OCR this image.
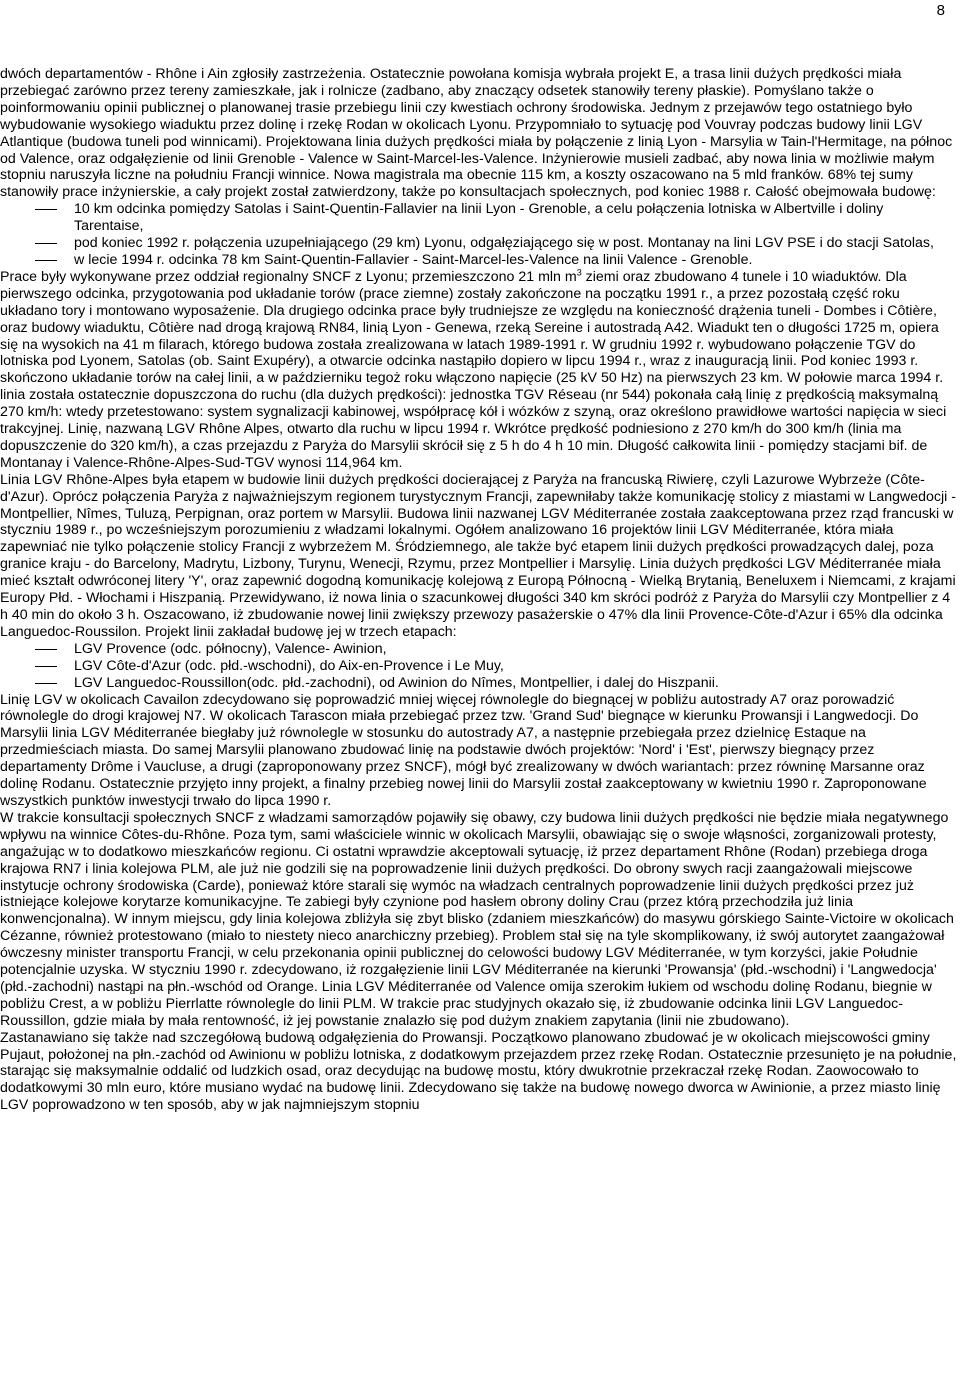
8

dwóch departamentów - Rhône i Ain zgłosiły zastrzeżenia. Ostatecznie powołana komisja wybrała projekt E, a trasa linii dużych prędkości miała przebiegać zarówno przez tereny zamieszkałe, jak i rolnicze (zadbano, aby znaczący odsetek stanowiły tereny płaskie). Pomyślano także o poinformowaniu opinii publicznej o planowanej trasie przebiegu linii czy kwestiach ochrony środowiska. Jednym z przejawów tego ostatniego było wybudowanie wysokiego wiaduktu przez dolinę i rzekę Rodan w okolicach Lyonu. Przypomniało to sytuację pod Vouvray podczas budowy linii LGV Atlantique (budowa tuneli pod winnicami). Projektowana linia dużych prędkości miała by połączenie z linią Lyon - Marsylia w Tain-l'Hermitage, na północ od Valence, oraz odgałęzienie od linii Grenoble - Valence w Saint-Marcel-les-Valence. Inżynierowie musieli zadbać, aby nowa linia w możliwie małym stopniu naruszyła liczne na południu Francji winnice. Nowa magistrala ma obecnie 115 km, a koszty oszacowano na 5 mld franków. 68% tej sumy stanowiły prace inżynierskie, a cały projekt został zatwierdzony, także po konsultacjach społecznych, pod koniec 1988 r. Całość obejmowała budowę:

10 km odcinka pomiędzy Satolas i Saint-Quentin-Fallavier na linii Lyon - Grenoble, a celu połączenia lotniska w Albertville i doliny Tarentaise,
pod koniec 1992 r. połączenia uzupełniającego (29 km) Lyonu, odgałęziającego się w post. Montanay na lini LGV PSE i do stacji Satolas,
w lecie 1994 r. odcinka 78 km Saint-Quentin-Fallavier - Saint-Marcel-les-Valence na linii Valence - Grenoble.

Prace były wykonywane przez oddział regionalny SNCF z Lyonu; przemieszczono 21 mln $m^3$ ziemi oraz zbudowano 4 tunele i 10 wiaduktów. Dla pierwszego odcinka, przygotowania pod układanie torów (prace ziemne) zostały zakończone na początku 1991 r., a przez pozostałą część roku układano tory i montowano wyposażenie. Dla drugiego odcinka prace były trudniejsze ze względu na konieczność drążenia tuneli - Dombes i Côtière, oraz budowy wiaduktu, Côtière nad drogą krajową RN84, linią Lyon - Genewa, rzeką Sereine i autostradą A42. Wiadukt ten o długości 1725 m, opiera się na wysokich na 41 m filarach, którego budowa została zrealizowana w latach 1989-1991 r. W grudniu 1992 r. wybudowano połączenie TGV do lotniska pod Lyonem, Satolas (ob. Saint Exupéry), a otwarcie odcinka nastąpiło dopiero w lipcu 1994 r., wraz z inauguracją linii. Pod koniec 1993 r. skończono układanie torów na całej linii, a w październiku tegoż roku włączono napięcie (25 kV 50 Hz) na pierwszych 23 km. W połowie marca 1994 r. linia została ostatecznie dopuszczona do ruchu (dla dużych prędkości): jednostka TGV Réseau (nr 544) pokonała całą linię z prędkością maksymalną 270 km/h: wtedy przetestowano: system sygnalizacji kabinowej, współpracę kół i wózków z szyną, oraz określono prawidłowe wartości napięcia w sieci trakcyjnej. Linię, nazwaną LGV Rhône Alpes, otwarto dla ruchu w lipcu 1994 r. Wkrótce prędkość podniesiono z 270 km/h do 300 km/h (linia ma dopuszczenie do 320 km/h), a czas przejazdu z Paryża do Marsylii skrócił się z 5 h do 4 h 10 min. Długość całkowita linii - pomiędzy stacjami bif. de Montanay i Valence-Rhône-Alpes-Sud-TGV wynosi 114,964 km.

Linia LGV Rhône-Alpes była etapem w budowie linii dużych prędkości docierającej z Paryża na francuską Riwierę, czyli Lazurowe Wybrzeże (Côte-d'Azur). Oprócz połączenia Paryża z najważniejszym regionem turystycznym Francji, zapewniłaby także komunikację stolicy z miastami w Langwedocji - Montpellier, Nîmes, Tuluzą, Perpignan, oraz portem w Marsylii. Budowa linii nazwanej LGV Méditerranée została zaakceptowana przez rząd francuski w styczniu 1989 r., po wcześniejszym porozumieniu z władzami lokalnymi. Ogółem analizowano 16 projektów linii LGV Méditerranée, która miała zapewniać nie tylko połączenie stolicy Francji z wybrzeżem M. Śródziemnego, ale także być etapem linii dużych prędkości prowadzących dalej, poza granice kraju - do Barcelony, Madrytu, Lizbony, Turynu, Wenecji, Rzymu, przez Montpellier i Marsylię. Linia dużych prędkości LGV Méditerranée miała mieć kształt odwróconej litery 'Y', oraz zapewnić dogodną komunikację kolejową z Europą Północną - Wielką Brytanią, Beneluxem i Niemcami, z krajami Europy Płd. - Włochami i Hiszpanią. Przewidywano, iż nowa linia o szacunkowej długości 340 km skróci podróż z Paryża do Marsylii czy Montpellier z 4 h 40 min do około 3 h. Oszacowano, iż zbudowanie nowej linii zwiększy przewozy pasażerskie o 47% dla linii Provence-Côte-d'Azur i 65% dla odcinka Languedoc-Roussilon. Projekt linii zakładał budowę jej w trzech etapach:

LGV Provence (odc. północny), Valence- Awinion,
LGV Côte-d'Azur (odc. płd.-wschodni), do Aix-en-Provence i Le Muy,
LGV Languedoc-Roussillon(odc. płd.-zachodni), od Awinion do Nîmes, Montpellier, i dalej do Hiszpanii.

Linię LGV w okolicach Cavailon zdecydowano się poprowadzić mniej więcej równolegle do biegnącej w pobliżu autostrady A7 oraz porowadzić równolegle do drogi krajowej N7. W okolicach Tarascon miała przebiegać przez tzw. 'Grand Sud' biegnące w kierunku Prowansji i Langwedocji. Do Marsylii linia LGV Méditerranée biegłaby już równolegle w stosunku do autostrady A7, a następnie przebiegała przez dzielnicę Estaque na przedmieściach miasta. Do samej Marsylii planowano zbudować linię na podstawie dwóch projektów: 'Nord' i 'Est', pierwszy biegnący przez departamenty Drôme i Vaucluse, a drugi (zaproponowany przez SNCF), mógł być zrealizowany w dwóch wariantach: przez równinę Marsanne oraz dolinę Rodanu. Ostatecznie przyjęto inny projekt, a finalny przebieg nowej linii do Marsylii został zaakceptowany w kwietniu 1990 r. Zaproponowane wszystkich punktów inwestycji trwało do lipca 1990 r.

W trakcie konsultacji społecznych SNCF z władzami samorządów pojawiły się obawy, czy budowa linii dużych prędkości nie będzie miała negatywnego wpływu na winnice Côtes-du-Rhône. Poza tym, sami właściciele winnic w okolicach Marsylii, obawiając się o swoje włąsności, zorganizowali protesty, angażując w to dodatkowo mieszkańców regionu. Ci ostatni wprawdzie akceptowali sytuację, iż przez departament Rhône (Rodan) przebiega droga krajowa RN7 i linia kolejowa PLM, ale już nie godzili się na poprowadzenie linii dużych prędkości. Do obrony swych racji zaangażowali miejscowe instytucje ochrony środowiska (Carde), ponieważ które starali się wymóc na władzach centralnych poprowadzenie linii dużych prędkości przez już istniejące kolejowe korytarze komunikacyjne. Te zabiegi były czynione pod hasłem obrony doliny Crau (przez którą przechodziła już linia konwencjonalna). W innym miejscu, gdy linia kolejowa zbliżyła się zbyt blisko (zdaniem mieszkańców) do masywu górskiego Sainte-Victoire w okolicach Cézanne, również protestowano (miało to niestety nieco anarchiczny przebieg). Problem stał się na tyle skomplikowany, iż swój autorytet zaangażował ówczesny minister transportu Francji, w celu przekonania opinii publicznej do celowości budowy LGV Méditerranée, w tym korzyści, jakie Południe potencjalnie uzyska. W styczniu 1990 r. zdecydowano, iż rozgałęzienie linii LGV Méditerranée na kierunki 'Prowansja' (płd.-wschodni) i 'Langwedocja' (płd.-zachodni) nastąpi na płn.-wschód od Orange. Linia LGV Méditerranée od Valence omija szerokim łukiem od wschodu dolinę Rodanu, biegnie w pobliżu Crest, a w pobliżu Pierrlatte równolegle do linii PLM. W trakcie prac studyjnych okazało się, iż zbudowanie odcinka linii LGV Languedoc-Roussillon, gdzie miała by mała rentowność, iż jej powstanie znalazło się pod dużym znakiem zapytania (linii nie zbudowano).

Zastanawiano się także nad szczegółową budową odgałęzienia do Prowansji. Początkowo planowano zbudować je w okolicach miejscowości gminy Pujaut, położonej na płn.-zachód od Awinionu w pobliżu lotniska, z dodatkowym przejazdem przez rzekę Rodan. Ostatecznie przesunięto je na południe, starając się maksymalnie oddalić od ludzkich osad, oraz decydując na budowę mostu, który dwukrotnie przekraczał rzekę Rodan. Zaowocowało to dodatkowymi 30 mln euro, które musiano wydać na budowę linii. Zdecydowano się także na budowę nowego dworca w Awinionie, a przez miasto linię LGV poprowadzono w ten sposób, aby w jak najmniejszym stopniu
